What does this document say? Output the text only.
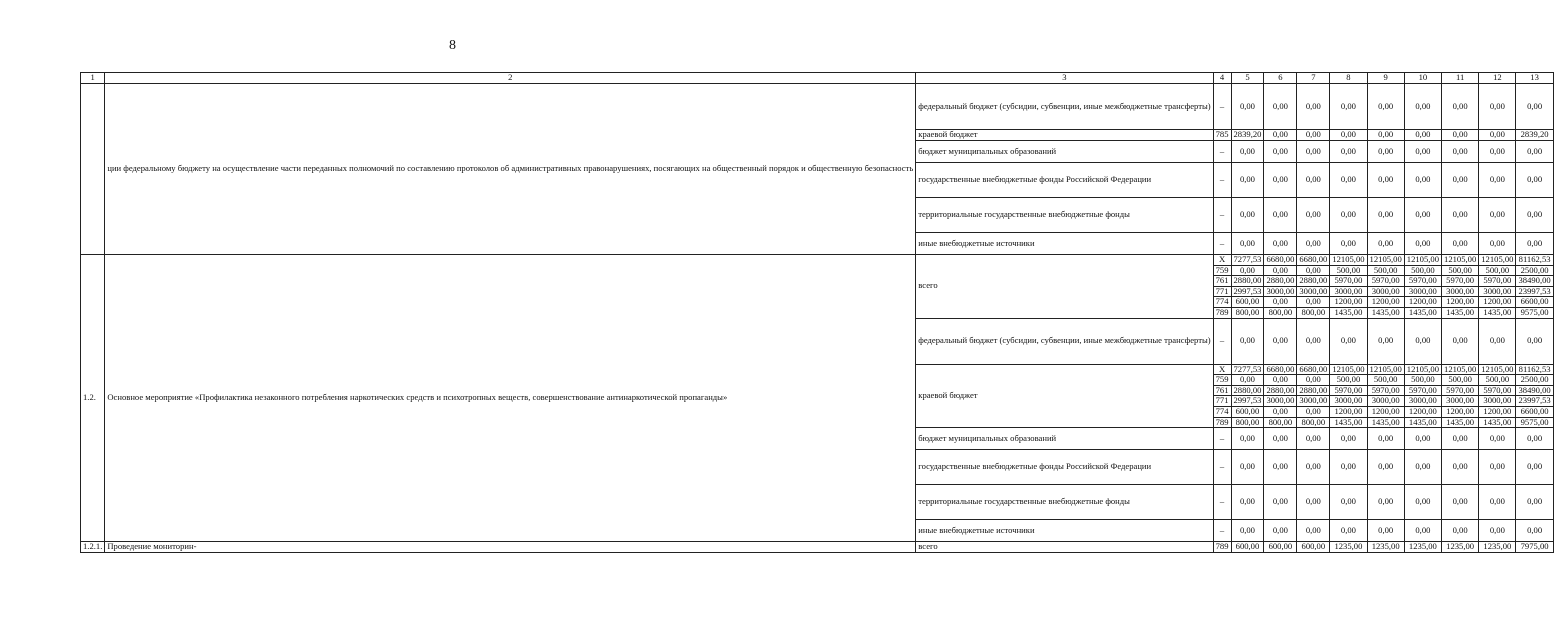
8
1	2	3	4	5	6	7	8	9	10	11	12	13
	ции федеральному бюджету на осуществление части переданных полномочий по составлению протоколов об административных правонарушениях, посягающих на общественный порядок и общественную безопасность	федеральный бюджет (субсидии, субвенции, иные межбюджетные трансферты)	–	0,00	0,00	0,00	0,00	0,00	0,00	0,00	0,00	0,00
		краевой бюджет	785	2839,20	0,00	0,00	0,00	0,00	0,00	0,00	0,00	2839,20
		бюджет муниципальных образований	–	0,00	0,00	0,00	0,00	0,00	0,00	0,00	0,00	0,00
		государственные внебюджетные фонды Российской Федерации	–	0,00	0,00	0,00	0,00	0,00	0,00	0,00	0,00	0,00
		территориальные государственные внебюджетные фонды	–	0,00	0,00	0,00	0,00	0,00	0,00	0,00	0,00	0,00
		иные внебюджетные источники	–	0,00	0,00	0,00	0,00	0,00	0,00	0,00	0,00	0,00
1.2.	Основное мероприятие «Профилактика незаконного потребления наркотических средств и психотропных веществ, совершенствование антинаркотической пропаганды»	всего	Х	7277,53	6680,00	6680,00	12105,00	12105,00	12105,00	12105,00	12105,00	81162,53
			759	0,00	0,00	0,00	500,00	500,00	500,00	500,00	500,00	2500,00
			761	2880,00	2880,00	2880,00	5970,00	5970,00	5970,00	5970,00	5970,00	38490,00
			771	2997,53	3000,00	3000,00	3000,00	3000,00	3000,00	3000,00	3000,00	23997,53
			774	600,00	0,00	0,00	1200,00	1200,00	1200,00	1200,00	1200,00	6600,00
			789	800,00	800,00	800,00	1435,00	1435,00	1435,00	1435,00	1435,00	9575,00
		федеральный бюджет (субсидии, субвенции, иные межбюджетные трансферты)	–	0,00	0,00	0,00	0,00	0,00	0,00	0,00	0,00	0,00
		краевой бюджет	Х	7277,53	6680,00	6680,00	12105,00	12105,00	12105,00	12105,00	12105,00	81162,53
			759	0,00	0,00	0,00	500,00	500,00	500,00	500,00	500,00	2500,00
			761	2880,00	2880,00	2880,00	5970,00	5970,00	5970,00	5970,00	5970,00	38490,00
			771	2997,53	3000,00	3000,00	3000,00	3000,00	3000,00	3000,00	3000,00	23997,53
			774	600,00	0,00	0,00	1200,00	1200,00	1200,00	1200,00	1200,00	6600,00
			789	800,00	800,00	800,00	1435,00	1435,00	1435,00	1435,00	1435,00	9575,00
		бюджет муниципальных образований	–	0,00	0,00	0,00	0,00	0,00	0,00	0,00	0,00	0,00
		государственные внебюджетные фонды Российской Федерации	–	0,00	0,00	0,00	0,00	0,00	0,00	0,00	0,00	0,00
		территориальные государственные внебюджетные фонды	–	0,00	0,00	0,00	0,00	0,00	0,00	0,00	0,00	0,00
		иные внебюджетные источники	–	0,00	0,00	0,00	0,00	0,00	0,00	0,00	0,00	0,00
1.2.1.	Проведение мониторин-	всего	789	600,00	600,00	600,00	1235,00	1235,00	1235,00	1235,00	1235,00	7975,00
